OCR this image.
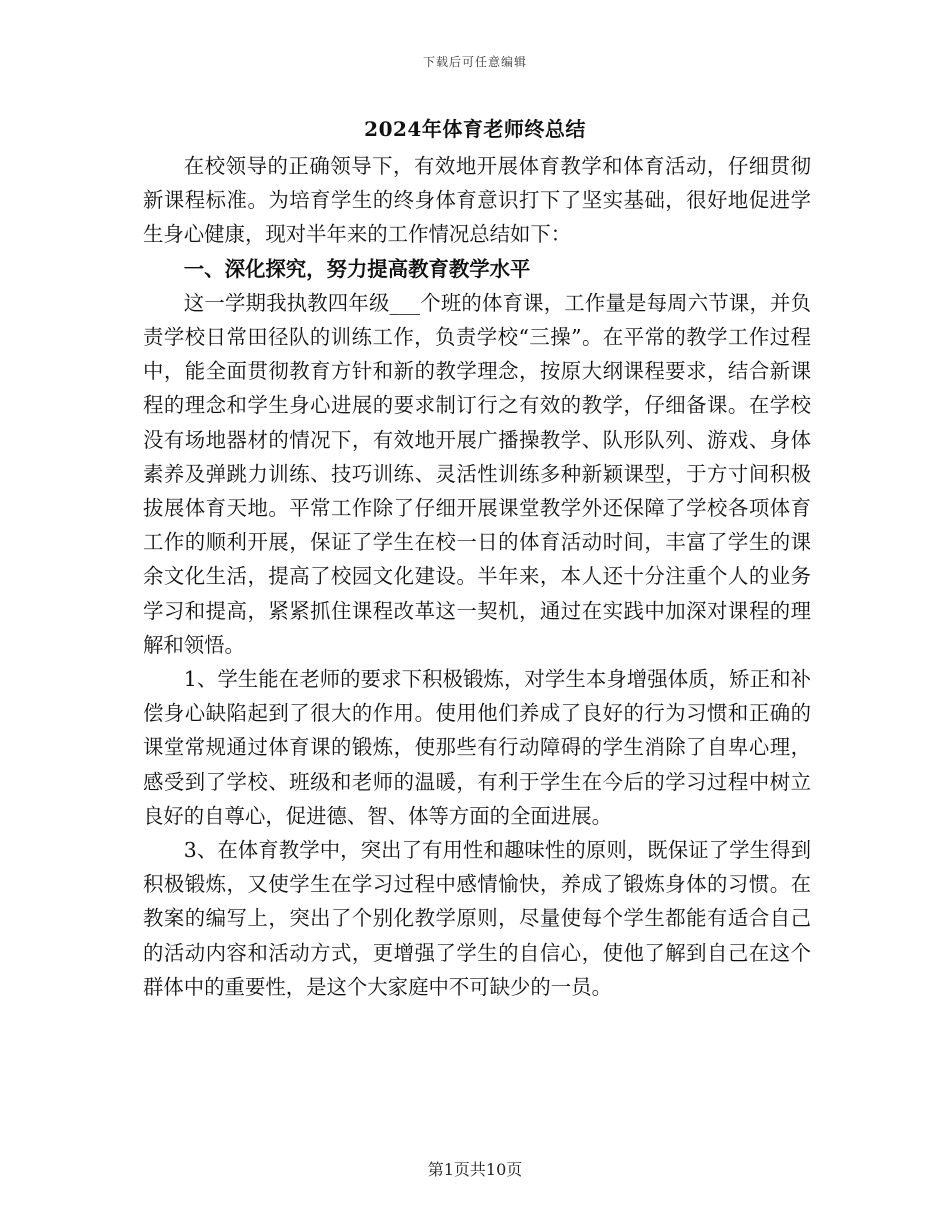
下载后可任意编辑
2024年体育老师终总结

在校领导的正确领导下，有效地开展体育教学和体育活动，仔细贯彻新课程标准。为培育学生的终身体育意识打下了坚实基础，很好地促进学生身心健康，现对半年来的工作情况总结如下：

一、深化探究，努力提高教育教学水平

这一学期我执教四年级___个班的体育课，工作量是每周六节课，并负责学校日常田径队的训练工作，负责学校“三操”。在平常的教学工作过程中，能全面贯彻教育方针和新的教学理念，按原大纲课程要求，结合新课程的理念和学生身心进展的要求制订行之有效的教学，仔细备课。在学校没有场地器材的情况下，有效地开展广播操教学、队形队列、游戏、身体素养及弹跳力训练、技巧训练、灵活性训练多种新颖课型，于方寸间积极拔展体育天地。平常工作除了仔细开展课堂教学外还保障了学校各项体育工作的顺利开展，保证了学生在校一日的体育活动时间，丰富了学生的课余文化生活，提高了校园文化建设。半年来，本人还十分注重个人的业务学习和提高，紧紧抓住课程改革这一契机，通过在实践中加深对课程的理解和领悟。

1、学生能在老师的要求下积极锻炼，对学生本身增强体质，矫正和补偿身心缺陷起到了很大的作用。使用他们养成了良好的行为习惯和正确的课堂常规通过体育课的锻炼，使那些有行动障碍的学生消除了自卑心理，感受到了学校、班级和老师的温暖，有利于学生在今后的学习过程中树立良好的自尊心，促进德、智、体等方面的全面进展。

3、在体育教学中，突出了有用性和趣味性的原则，既保证了学生得到积极锻炼，又使学生在学习过程中感情愉快，养成了锻炼身体的习惯。在教案的编写上，突出了个别化教学原则，尽量使每个学生都能有适合自己的活动内容和活动方式，更增强了学生的自信心，使他了解到自己在这个群体中的重要性，是这个大家庭中不可缺少的一员。

第1页共10页
